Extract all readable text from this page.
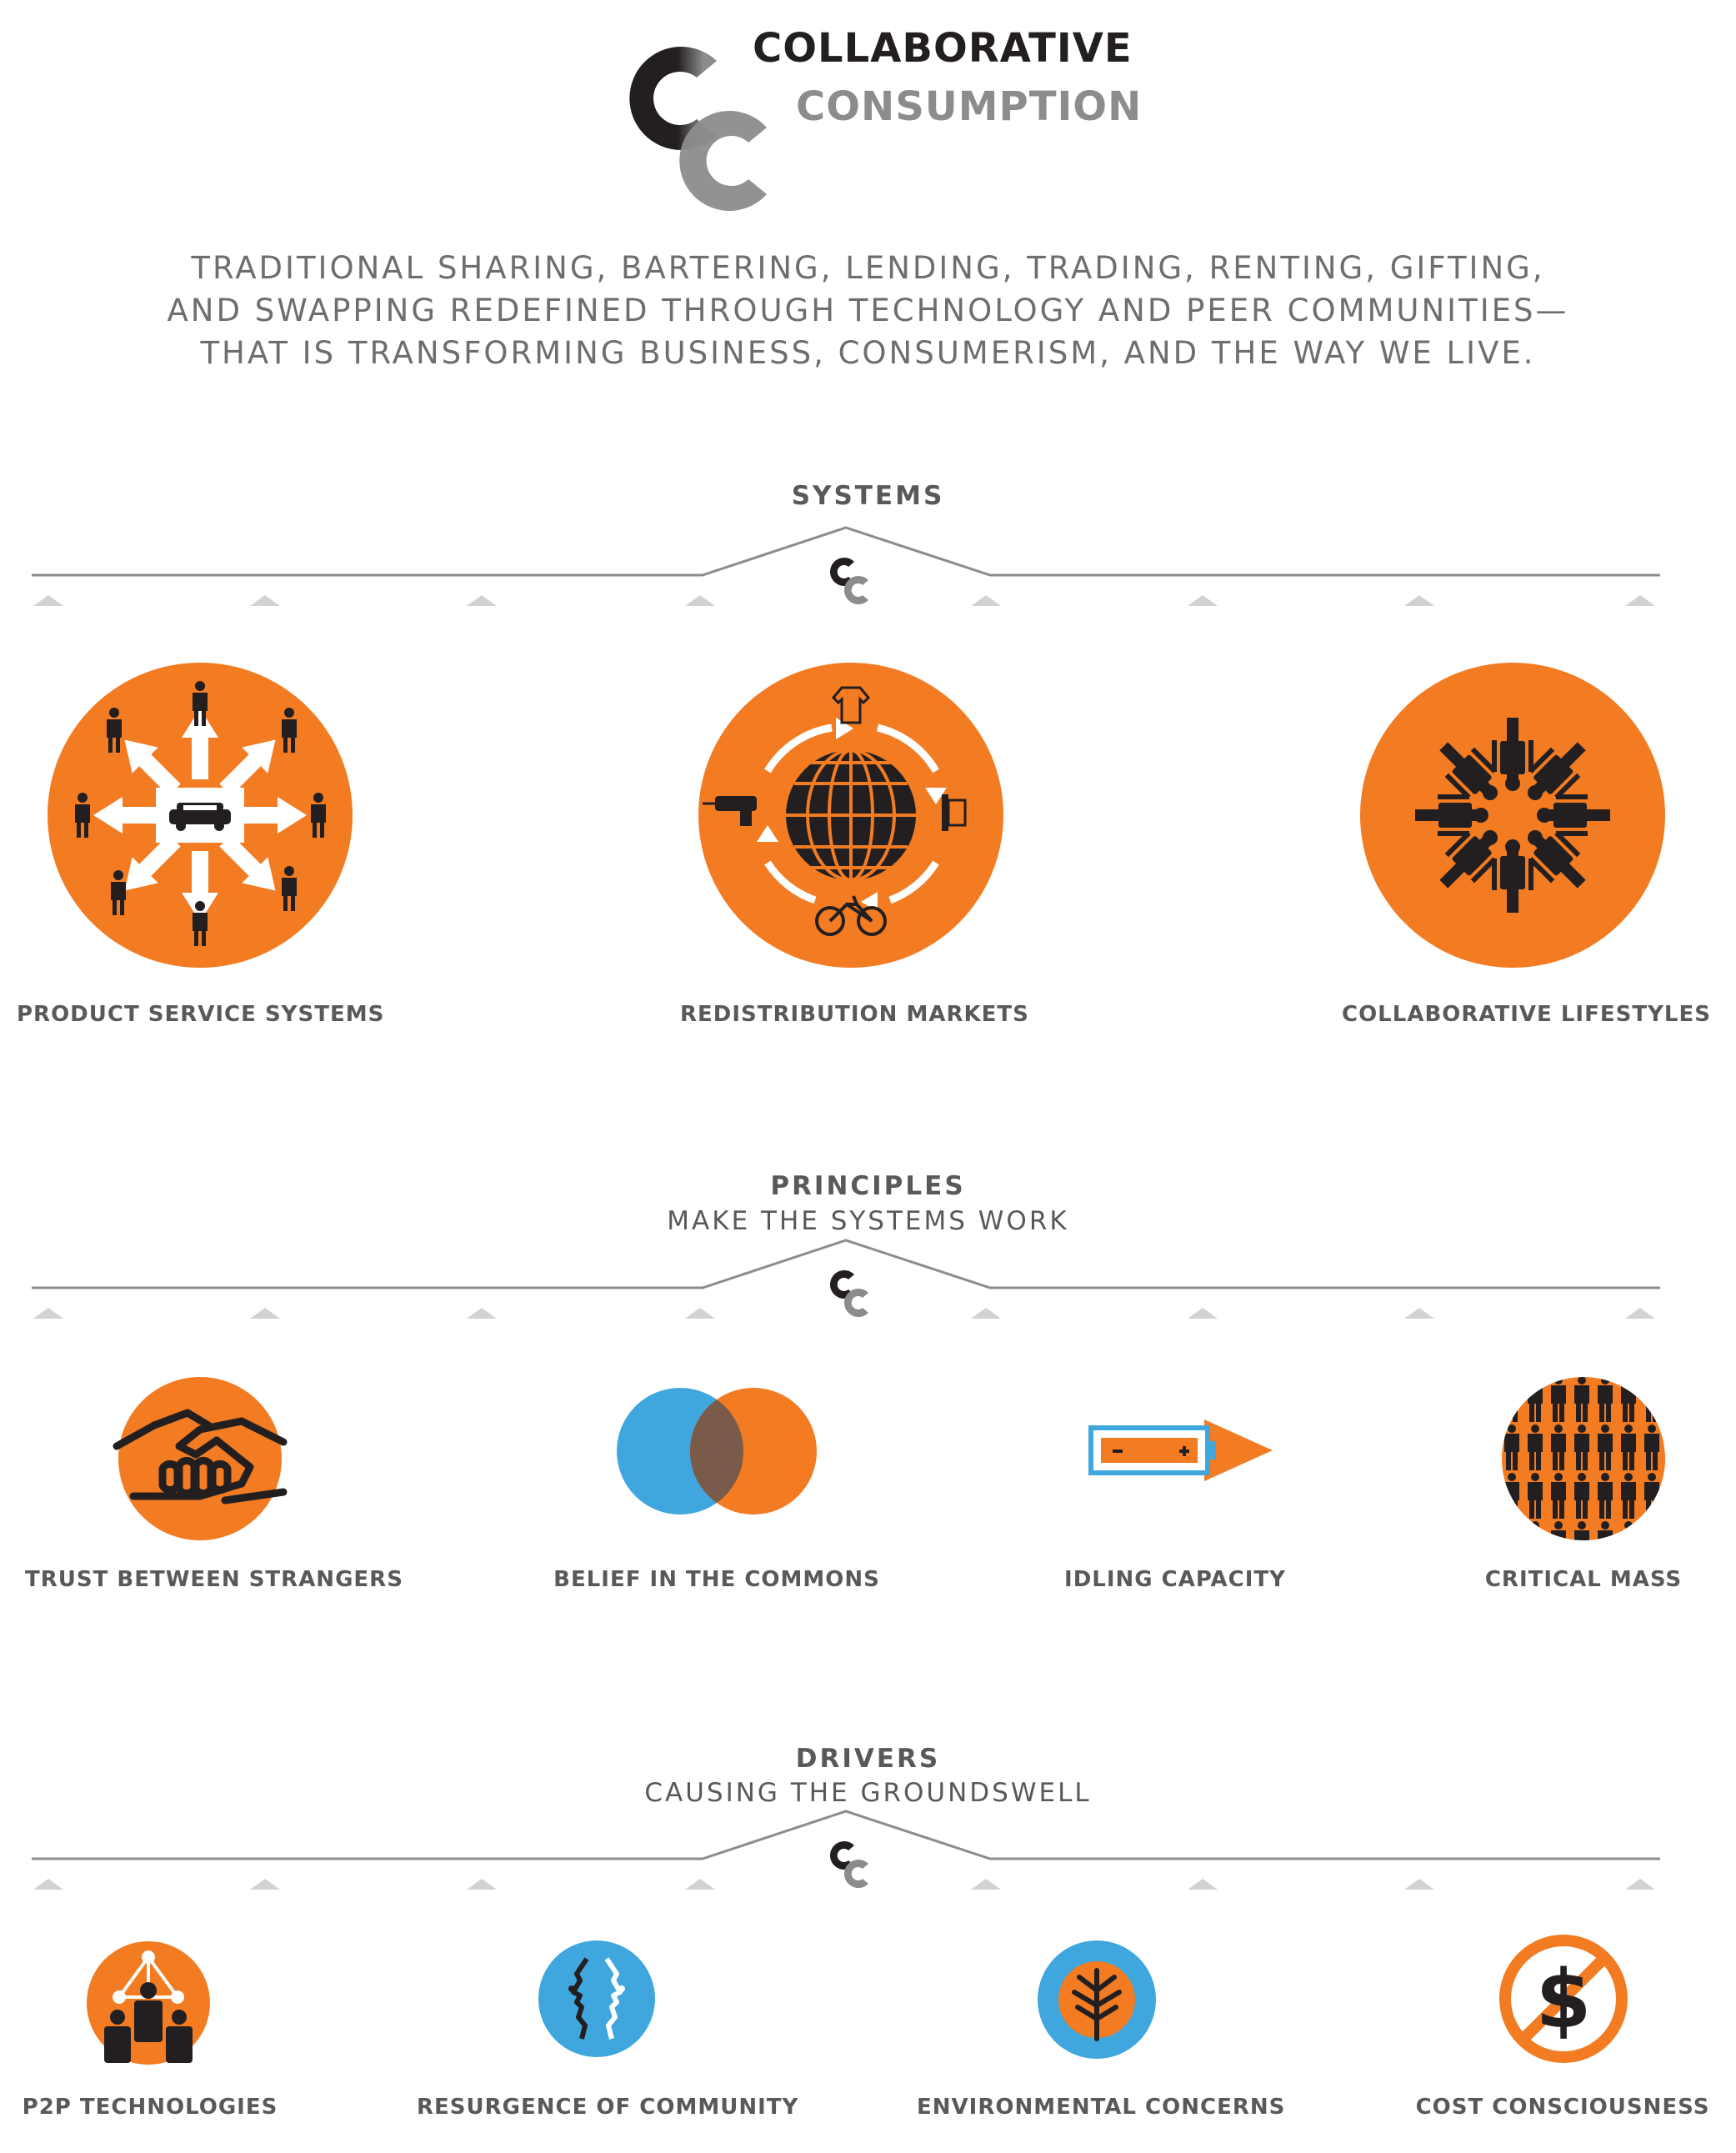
COLLABORATIVE
CONSUMPTION
TRADITIONAL SHARING, BARTERING, LENDING, TRADING, RENTING, GIFTING,
AND SWAPPING REDEFINED THROUGH TECHNOLOGY AND PEER COMMUNITIES—
THAT IS TRANSFORMING BUSINESS, CONSUMERISM, AND THE WAY WE LIVE.
SYSTEMS
PRODUCT SERVICE SYSTEMS	REDISTRIBUTION MARKETS	COLLABORATIVE LIFESTYLES
PRINCIPLES
MAKE THE SYSTEMS WORK
TRUST BETWEEN STRANGERS	BELIEF IN THE COMMONS	IDLING CAPACITY	CRITICAL MASS
DRIVERS
CAUSING THE GROUNDSWELL
P2P TECHNOLOGIES	RESURGENCE OF COMMUNITY	ENVIRONMENTAL CONCERNS
$
COST CONSCIOUSNESS
